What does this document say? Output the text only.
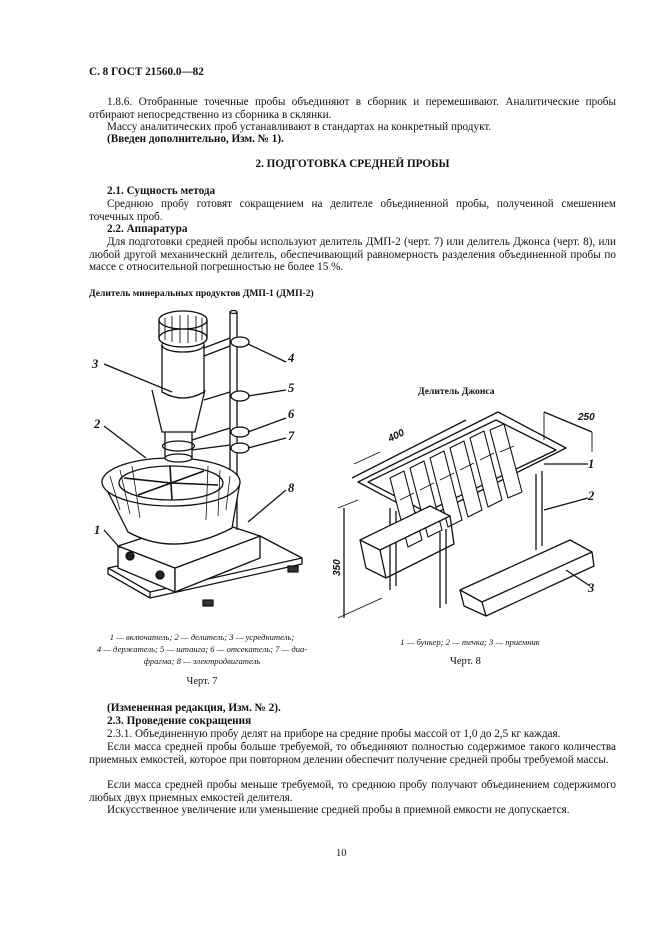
С. 8 ГОСТ 21560.0—82
1.8.6. Отобранные точечные пробы объединяют в сборник и перемешивают. Аналитические пробы отбирают непосредственно из сборника в склянки.
Массу аналитических проб устанавливают в стандартах на конкретный продукт.
(Введен дополнительно, Изм. № 1).
2. ПОДГОТОВКА СРЕДНЕЙ ПРОБЫ
2.1. Сущность метода
Среднюю пробу готовят сокращением на делителе объединенной пробы, полученной смешением точечных проб.
2.2. Аппаратура
Для подготовки средней пробы используют делитель ДМП-2 (черт. 7) или делитель Джонса (черт. 8), или любой другой механический делитель, обеспечивающий равномерность разделения объединенной пробы по массе с относительной погрешностью не более 15 %.
Делитель минеральных продуктов ДМП-1 (ДМП-2)
3	4
5
6
7
8
2
1
1 — включатель; 2 — делитель; 3 — усреднитель;
4 — держатель; 5 — штанга; 6 — отсекатель; 7 — диа-
фрагма; 8 — электродвигатель
Черт. 7
Делитель Джонса
400
250
350
1
2
3
1 — бункер; 2 — течка; 3 — приемник
Черт. 8
(Измененная редакция, Изм. № 2).
2.3. Проведение сокращения
2.3.1. Объединенную пробу делят на приборе на средние пробы массой от 1,0 до 2,5 кг каждая.
Если масса средней пробы больше требуемой, то объединяют полностью содержимое такого количества приемных емкостей, которое при повторном делении обеспечит получение средней пробы требуемой массы.
Если масса средней пробы меньше требуемой, то среднюю пробу получают объединением содержимого любых двух приемных емкостей делителя.
Искусственное увеличение или уменьшение средней пробы в приемной емкости не допускается.
10
